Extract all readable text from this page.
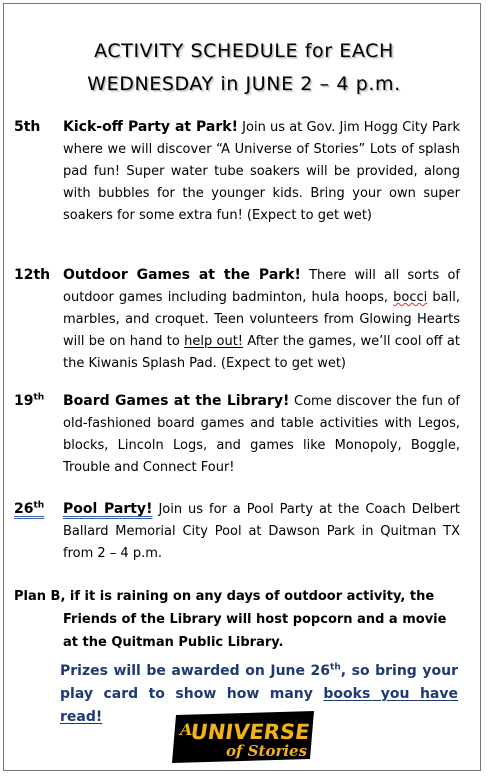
ACTIVITY SCHEDULE for EACH
WEDNESDAY in JUNE 2 – 4 p.m.
5th Kick-off Party at Park! Join us at Gov. Jim Hogg City Park where we will discover “A Universe of Stories” Lots of splash pad fun! Super water tube soakers will be provided, along with bubbles for the younger kids. Bring your own super soakers for some extra fun! (Expect to get wet)

12th Outdoor Games at the Park! There will all sorts of outdoor games including badminton, hula hoops, bocci ball, marbles, and croquet. Teen volunteers from Glowing Hearts will be on hand to help out! After the games, we’ll cool off at the Kiwanis Splash Pad. (Expect to get wet)

19th Board Games at the Library! Come discover the fun of old-fashioned board games and table activities with Legos, blocks, Lincoln Logs, and games like Monopoly, Boggle, Trouble and Connect Four!

26th Pool Party! Join us for a Pool Party at the Coach Delbert Ballard Memorial City Pool at Dawson Park in Quitman TX from 2 – 4 p.m.

Plan B, if it is raining on any days of outdoor activity, the
Friends of the Library will host popcorn and a movie at the Quitman Public Library.
Prizes will be awarded on June 26th, so bring your play card to show how many books you have read!
A
UNIVERSE
of Stories
